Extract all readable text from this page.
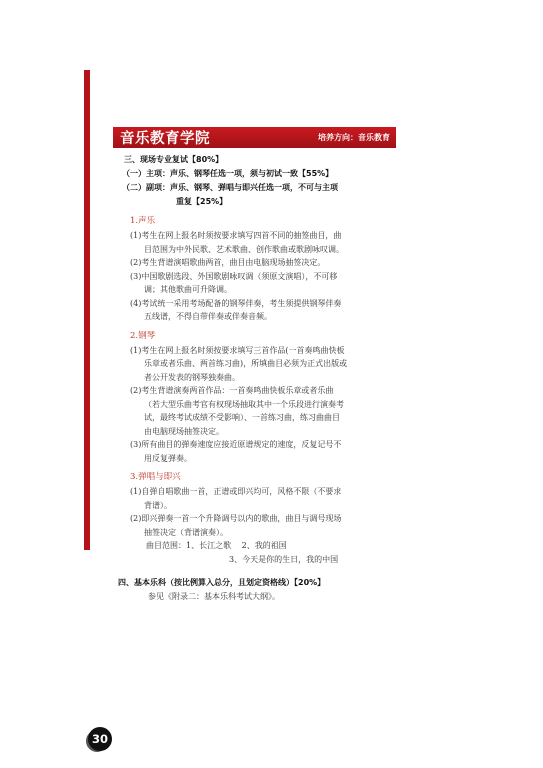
音乐教育学院	培养方向：音乐教育
三、现场专业复试【80%】
（一）主项：声乐、钢琴任选一项，须与初试一致【55%】
（二）副项：声乐、钢琴、弹唱与即兴任选一项，不可与主项
重复【25%】
1.声乐
(1)考生在网上报名时须按要求填写四首不同的抽签曲目，曲
目范围为中外民歌、艺术歌曲、创作歌曲或歌剧咏叹调。
(2)考生背谱演唱歌曲两首，曲目由电脑现场抽签决定。
(3)中国歌剧选段、外国歌剧咏叹调（须原文演唱），不可移
调；其他歌曲可升降调。
(4)考试统一采用考场配备的钢琴伴奏，考生须提供钢琴伴奏
五线谱，不得自带伴奏或伴奏音频。
2.钢琴
(1)考生在网上报名时须按要求填写三首作品(一首奏鸣曲快板
乐章或者乐曲、两首练习曲)，所填曲目必须为正式出版或
者公开发表的钢琴独奏曲。
(2)考生背谱演奏两首作品：一首奏鸣曲快板乐章或者乐曲
（若大型乐曲考官有权现场抽取其中一个乐段进行演奏考
试，最终考试成绩不受影响）、一首练习曲，练习曲曲目
由电脑现场抽签决定。
(3)所有曲目的弹奏速度应接近原谱规定的速度，反复记号不
用反复弹奏。
3.弹唱与即兴
(1)自弹自唱歌曲一首，正谱或即兴均可，风格不限（不要求
背谱）。
(2)即兴弹奏一首一个升降调号以内的歌曲，曲目与调号现场
抽签决定（背谱演奏）。
曲目范围：1、长江之歌　 2、我的祖国
3、今天是你的生日，我的中国
四、基本乐科（按比例算入总分，且划定资格线）【20%】
参见《附录二：基本乐科考试大纲》。
30
